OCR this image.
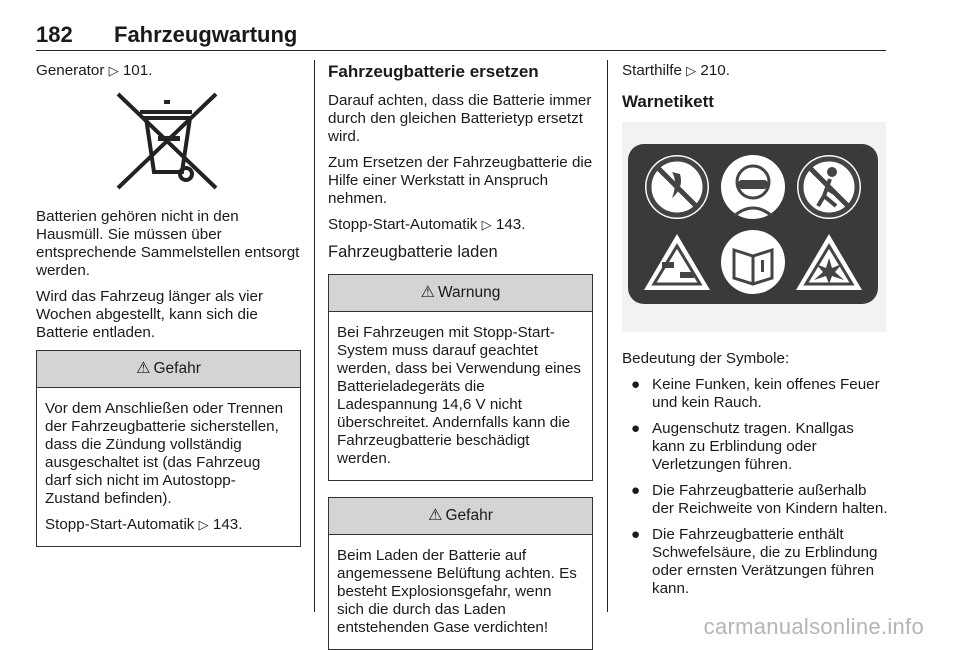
182 Fahrzeugwartung

Generator ▷ 101.

Batterien gehören nicht in den Hausmüll. Sie müssen über entsprechende Sammelstellen entsorgt werden.

Wird das Fahrzeug länger als vier Wochen abgestellt, kann sich die Batterie entladen.

⚠ Gefahr

Vor dem Anschließen oder Trennen der Fahrzeugbatterie sicherstellen, dass die Zündung vollständig ausgeschaltet ist (das Fahrzeug darf sich nicht im Autostopp-Zustand befinden).

Stopp-Start-Automatik ▷ 143.

Fahrzeugbatterie ersetzen

Darauf achten, dass die Batterie immer durch den gleichen Batterietyp ersetzt wird.

Zum Ersetzen der Fahrzeugbatterie die Hilfe einer Werkstatt in Anspruch nehmen.

Stopp-Start-Automatik ▷ 143.

Fahrzeugbatterie laden
⚠ Warnung

Bei Fahrzeugen mit Stopp-Start-System muss darauf geachtet werden, dass bei Verwendung eines Batterieladegeräts die Ladespannung 14,6 V nicht überschreitet. Andernfalls kann die Fahrzeugbatterie beschädigt werden.

⚠ Gefahr

Beim Laden der Batterie auf angemessene Belüftung achten. Es besteht Explosionsgefahr, wenn sich die durch das Laden entstehenden Gase verdichten!

Starthilfe ▷ 210.

Warnetikett

Bedeutung der Symbole:

● Keine Funken, kein offenes Feuer und kein Rauch.
● Augenschutz tragen. Knallgas kann zu Erblindung oder Verletzungen führen.
● Die Fahrzeugbatterie außerhalb der Reichweite von Kindern halten.
● Die Fahrzeugbatterie enthält Schwefelsäure, die zu Erblindung oder ernsten Verätzungen führen kann.
carmanualsonline.info
